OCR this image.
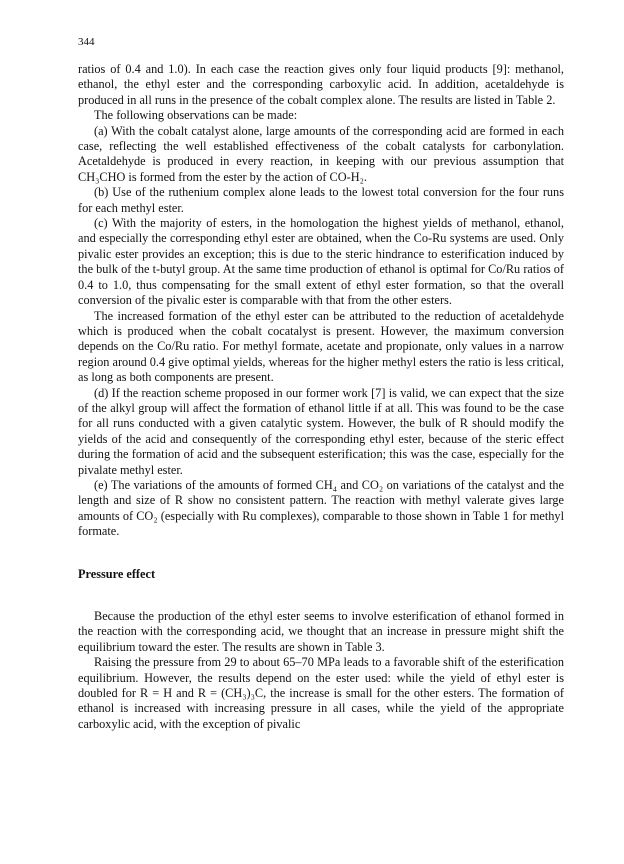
344

ratios of 0.4 and 1.0). In each case the reaction gives only four liquid products [9]: methanol, ethanol, the ethyl ester and the corresponding carboxylic acid. In addition, acetaldehyde is produced in all runs in the presence of the cobalt complex alone. The results are listed in Table 2.

The following observations can be made:

(a) With the cobalt catalyst alone, large amounts of the corresponding acid are formed in each case, reflecting the well established effectiveness of the cobalt catalysts for carbonylation. Acetaldehyde is produced in every reaction, in keeping with our previous assumption that CH₃CHO is formed from the ester by the action of CO-H₂.

(b) Use of the ruthenium complex alone leads to the lowest total conversion for the four runs for each methyl ester.

(c) With the majority of esters, in the homologation the highest yields of methanol, ethanol, and especially the corresponding ethyl ester are obtained, when the Co-Ru systems are used. Only pivalic ester provides an exception; this is due to the steric hindrance to esterification induced by the bulk of the t-butyl group. At the same time production of ethanol is optimal for Co/Ru ratios of 0.4 to 1.0, thus compensating for the small extent of ethyl ester formation, so that the overall conversion of the pivalic ester is comparable with that from the other esters.

The increased formation of the ethyl ester can be attributed to the reduction of acetaldehyde which is produced when the cobalt cocatalyst is present. However, the maximum conversion depends on the Co/Ru ratio. For methyl formate, acetate and propionate, only values in a narrow region around 0.4 give optimal yields, whereas for the higher methyl esters the ratio is less critical, as long as both components are present.

(d) If the reaction scheme proposed in our former work [7] is valid, we can expect that the size of the alkyl group will affect the formation of ethanol little if at all. This was found to be the case for all runs conducted with a given catalytic system. However, the bulk of R should modify the yields of the acid and consequently of the corresponding ethyl ester, because of the steric effect during the formation of acid and the subsequent esterification; this was the case, especially for the pivalate methyl ester.

(e) The variations of the amounts of formed CH₄ and CO₂ on variations of the catalyst and the length and size of R show no consistent pattern. The reaction with methyl valerate gives large amounts of CO₂ (especially with Ru complexes), comparable to those shown in Table 1 for methyl formate.

Pressure effect

Because the production of the ethyl ester seems to involve esterification of ethanol formed in the reaction with the corresponding acid, we thought that an increase in pressure might shift the equilibrium toward the ester. The results are shown in Table 3.

Raising the pressure from 29 to about 65–70 MPa leads to a favorable shift of the esterification equilibrium. However, the results depend on the ester used: while the yield of ethyl ester is doubled for R = H and R = (CH₃)₃C, the increase is small for the other esters. The formation of ethanol is increased with increasing pressure in all cases, while the yield of the appropriate carboxylic acid, with the exception of pivalic
